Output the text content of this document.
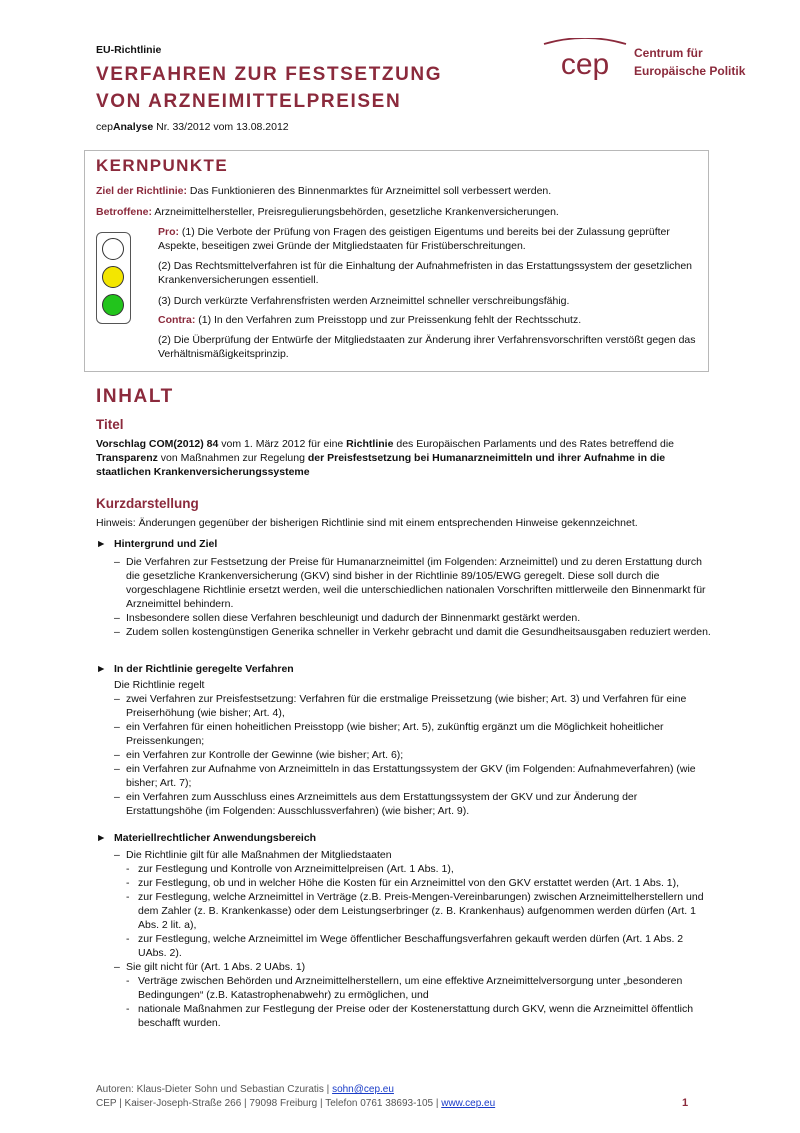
EU-Richtlinie
VERFAHREN ZUR FESTSETZUNG
VON ARZNEIMITTELPREISEN
cepAnalyse Nr. 33/2012 vom 13.08.2012
cep Centrum für
Europäische Politik
KERNPUNKTE
Ziel der Richtlinie: Das Funktionieren des Binnenmarktes für Arzneimittel soll verbessert werden.
Betroffene: Arzneimittelhersteller, Preisregulierungsbehörden, gesetzliche Krankenversicherungen.
Pro: (1) Die Verbote der Prüfung von Fragen des geistigen Eigentums und bereits bei der Zulassung geprüfter Aspekte, beseitigen zwei Gründe der Mitgliedstaaten für Fristüberschreitungen.
(2) Das Rechtsmittelverfahren ist für die Einhaltung der Aufnahmefristen in das Erstattungssystem der gesetzlichen Krankenversicherungen essentiell.
(3) Durch verkürzte Verfahrensfristen werden Arzneimittel schneller verschreibungsfähig.
Contra: (1) In den Verfahren zum Preisstopp und zur Preissenkung fehlt der Rechtsschutz.
(2) Die Überprüfung der Entwürfe der Mitgliedstaaten zur Änderung ihrer Verfahrensvorschriften verstößt gegen das Verhältnismäßigkeitsprinzip.
INHALT
Titel
Vorschlag COM(2012) 84 vom 1. März 2012 für eine Richtlinie des Europäischen Parlaments und des Rates betreffend die Transparenz von Maßnahmen zur Regelung der Preisfestsetzung bei Humanarzneimitteln und ihrer Aufnahme in die staatlichen Krankenversicherungssysteme
Kurzdarstellung
Hinweis: Änderungen gegenüber der bisherigen Richtlinie sind mit einem entsprechenden Hinweise gekennzeichnet.
► Hintergrund und Ziel
– Die Verfahren zur Festsetzung der Preise für Humanarzneimittel (im Folgenden: Arzneimittel) und zu deren Erstattung durch die gesetzliche Krankenversicherung (GKV) sind bisher in der Richtlinie 89/105/EWG geregelt. Diese soll durch die vorgeschlagene Richtlinie ersetzt werden, weil die unterschiedlichen nationalen Vorschriften mittlerweile den Binnenmarkt für Arzneimittel behindern.
– Insbesondere sollen diese Verfahren beschleunigt und dadurch der Binnenmarkt gestärkt werden.
– Zudem sollen kostengünstigen Generika schneller in Verkehr gebracht und damit die Gesundheitsausgaben reduziert werden.
► In der Richtlinie geregelte Verfahren
Die Richtlinie regelt
– zwei Verfahren zur Preisfestsetzung: Verfahren für die erstmalige Preissetzung (wie bisher; Art. 3) und Verfahren für eine Preiserhöhung (wie bisher; Art. 4),
– ein Verfahren für einen hoheitlichen Preisstopp (wie bisher; Art. 5), zukünftig ergänzt um die Möglichkeit hoheitlicher Preissenkungen;
– ein Verfahren zur Kontrolle der Gewinne (wie bisher; Art. 6);
– ein Verfahren zur Aufnahme von Arzneimitteln in das Erstattungssystem der GKV (im Folgenden: Aufnahmeverfahren) (wie bisher; Art. 7);
– ein Verfahren zum Ausschluss eines Arzneimittels aus dem Erstattungssystem der GKV und zur Änderung der Erstattungshöhe (im Folgenden: Ausschlussverfahren) (wie bisher; Art. 9).
► Materiellrechtlicher Anwendungsbereich
– Die Richtlinie gilt für alle Maßnahmen der Mitgliedstaaten
- zur Festlegung und Kontrolle von Arzneimittelpreisen (Art. 1 Abs. 1),
- zur Festlegung, ob und in welcher Höhe die Kosten für ein Arzneimittel von den GKV erstattet werden (Art. 1 Abs. 1),
- zur Festlegung, welche Arzneimittel in Verträge (z.B. Preis-Mengen-Vereinbarungen) zwischen Arzneimittelherstellern und dem Zahler (z. B. Krankenkasse) oder dem Leistungserbringer (z. B. Krankenhaus) aufgenommen werden dürfen (Art. 1 Abs. 2 lit. a),
- zur Festlegung, welche Arzneimittel im Wege öffentlicher Beschaffungsverfahren gekauft werden dürfen (Art. 1 Abs. 2 UAbs. 2).
– Sie gilt nicht für (Art. 1 Abs. 2 UAbs. 1)
- Verträge zwischen Behörden und Arzneimittelherstellern, um eine effektive Arzneimittelversorgung unter „besonderen Bedingungen“ (z.B. Katastrophenabwehr) zu ermöglichen, und
- nationale Maßnahmen zur Festlegung der Preise oder der Kostenerstattung durch GKV, wenn die Arzneimittel öffentlich beschafft wurden.
Autoren: Klaus-Dieter Sohn und Sebastian Czuratis | sohn@cep.eu
CEP | Kaiser-Joseph-Straße 266 | 79098 Freiburg | Telefon 0761 38693-105 | www.cep.eu	1
